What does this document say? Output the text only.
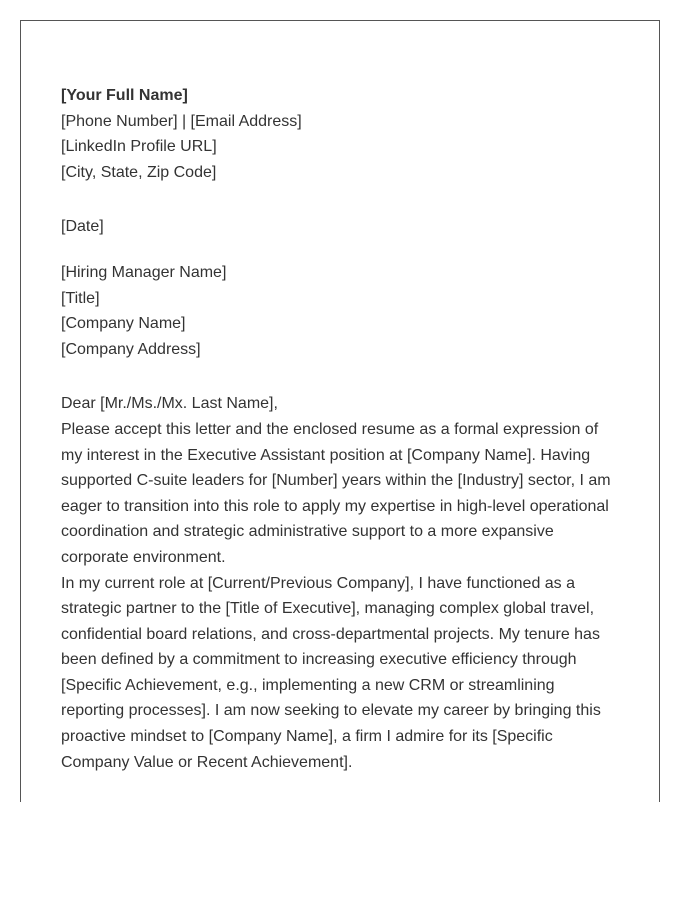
[Your Full Name]
[Phone Number] | [Email Address]
[LinkedIn Profile URL]
[City, State, Zip Code]
[Date]
[Hiring Manager Name]
[Title]
[Company Name]
[Company Address]
Dear [Mr./Ms./Mx. Last Name],

Please accept this letter and the enclosed resume as a formal expression of my interest in the Executive Assistant position at [Company Name]. Having supported C-suite leaders for [Number] years within the [Industry] sector, I am eager to transition into this role to apply my expertise in high-level operational coordination and strategic administrative support to a more expansive corporate environment.

In my current role at [Current/Previous Company], I have functioned as a strategic partner to the [Title of Executive], managing complex global travel, confidential board relations, and cross-departmental projects. My tenure has been defined by a commitment to increasing executive efficiency through [Specific Achievement, e.g., implementing a new CRM or streamlining reporting processes]. I am now seeking to elevate my career by bringing this proactive mindset to [Company Name], a firm I admire for its [Specific Company Value or Recent Achievement].
